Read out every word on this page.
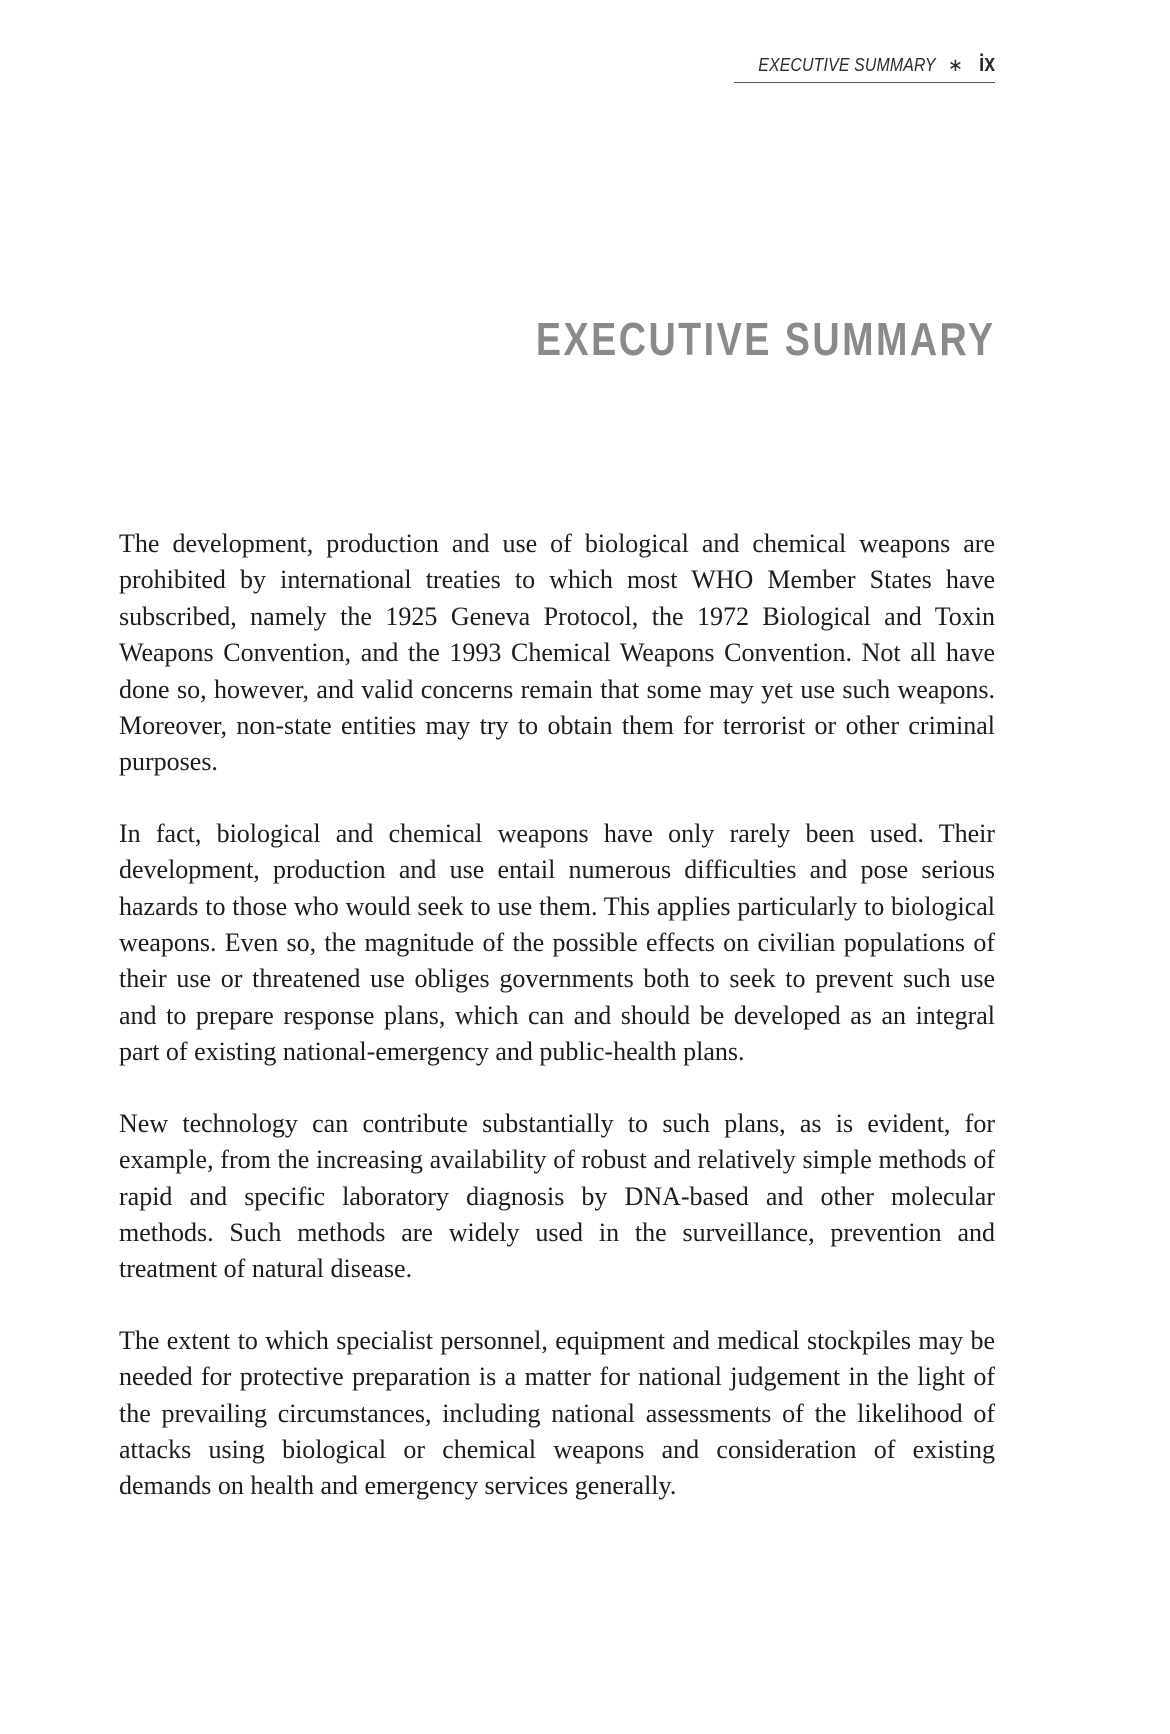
EXECUTIVE SUMMARY ∗ ix
EXECUTIVE SUMMARY

The development, production and use of biological and chemical weapons are prohibited by international treaties to which most WHO Member States have subscribed, namely the 1925 Geneva Protocol, the 1972 Biological and Toxin Weapons Convention, and the 1993 Chemical Weapons Convention. Not all have done so, however, and valid concerns remain that some may yet use such weapons. Moreover, non-state entities may try to obtain them for terrorist or other criminal purposes.

In fact, biological and chemical weapons have only rarely been used. Their development, production and use entail numerous difficulties and pose serious hazards to those who would seek to use them. This applies particularly to biological weapons. Even so, the magnitude of the possible effects on civilian populations of their use or threatened use obliges governments both to seek to prevent such use and to prepare response plans, which can and should be developed as an integral part of existing national-emergency and public-health plans.

New technology can contribute substantially to such plans, as is evident, for example, from the increasing availability of robust and relatively simple methods of rapid and specific laboratory diagnosis by DNA-based and other molecular methods. Such methods are widely used in the surveillance, prevention and treatment of natural disease.

The extent to which specialist personnel, equipment and medical stockpiles may be needed for protective preparation is a matter for national judgement in the light of the prevailing circumstances, including national assessments of the likelihood of attacks using biological or chemical weapons and consideration of existing demands on health and emergency services generally.
